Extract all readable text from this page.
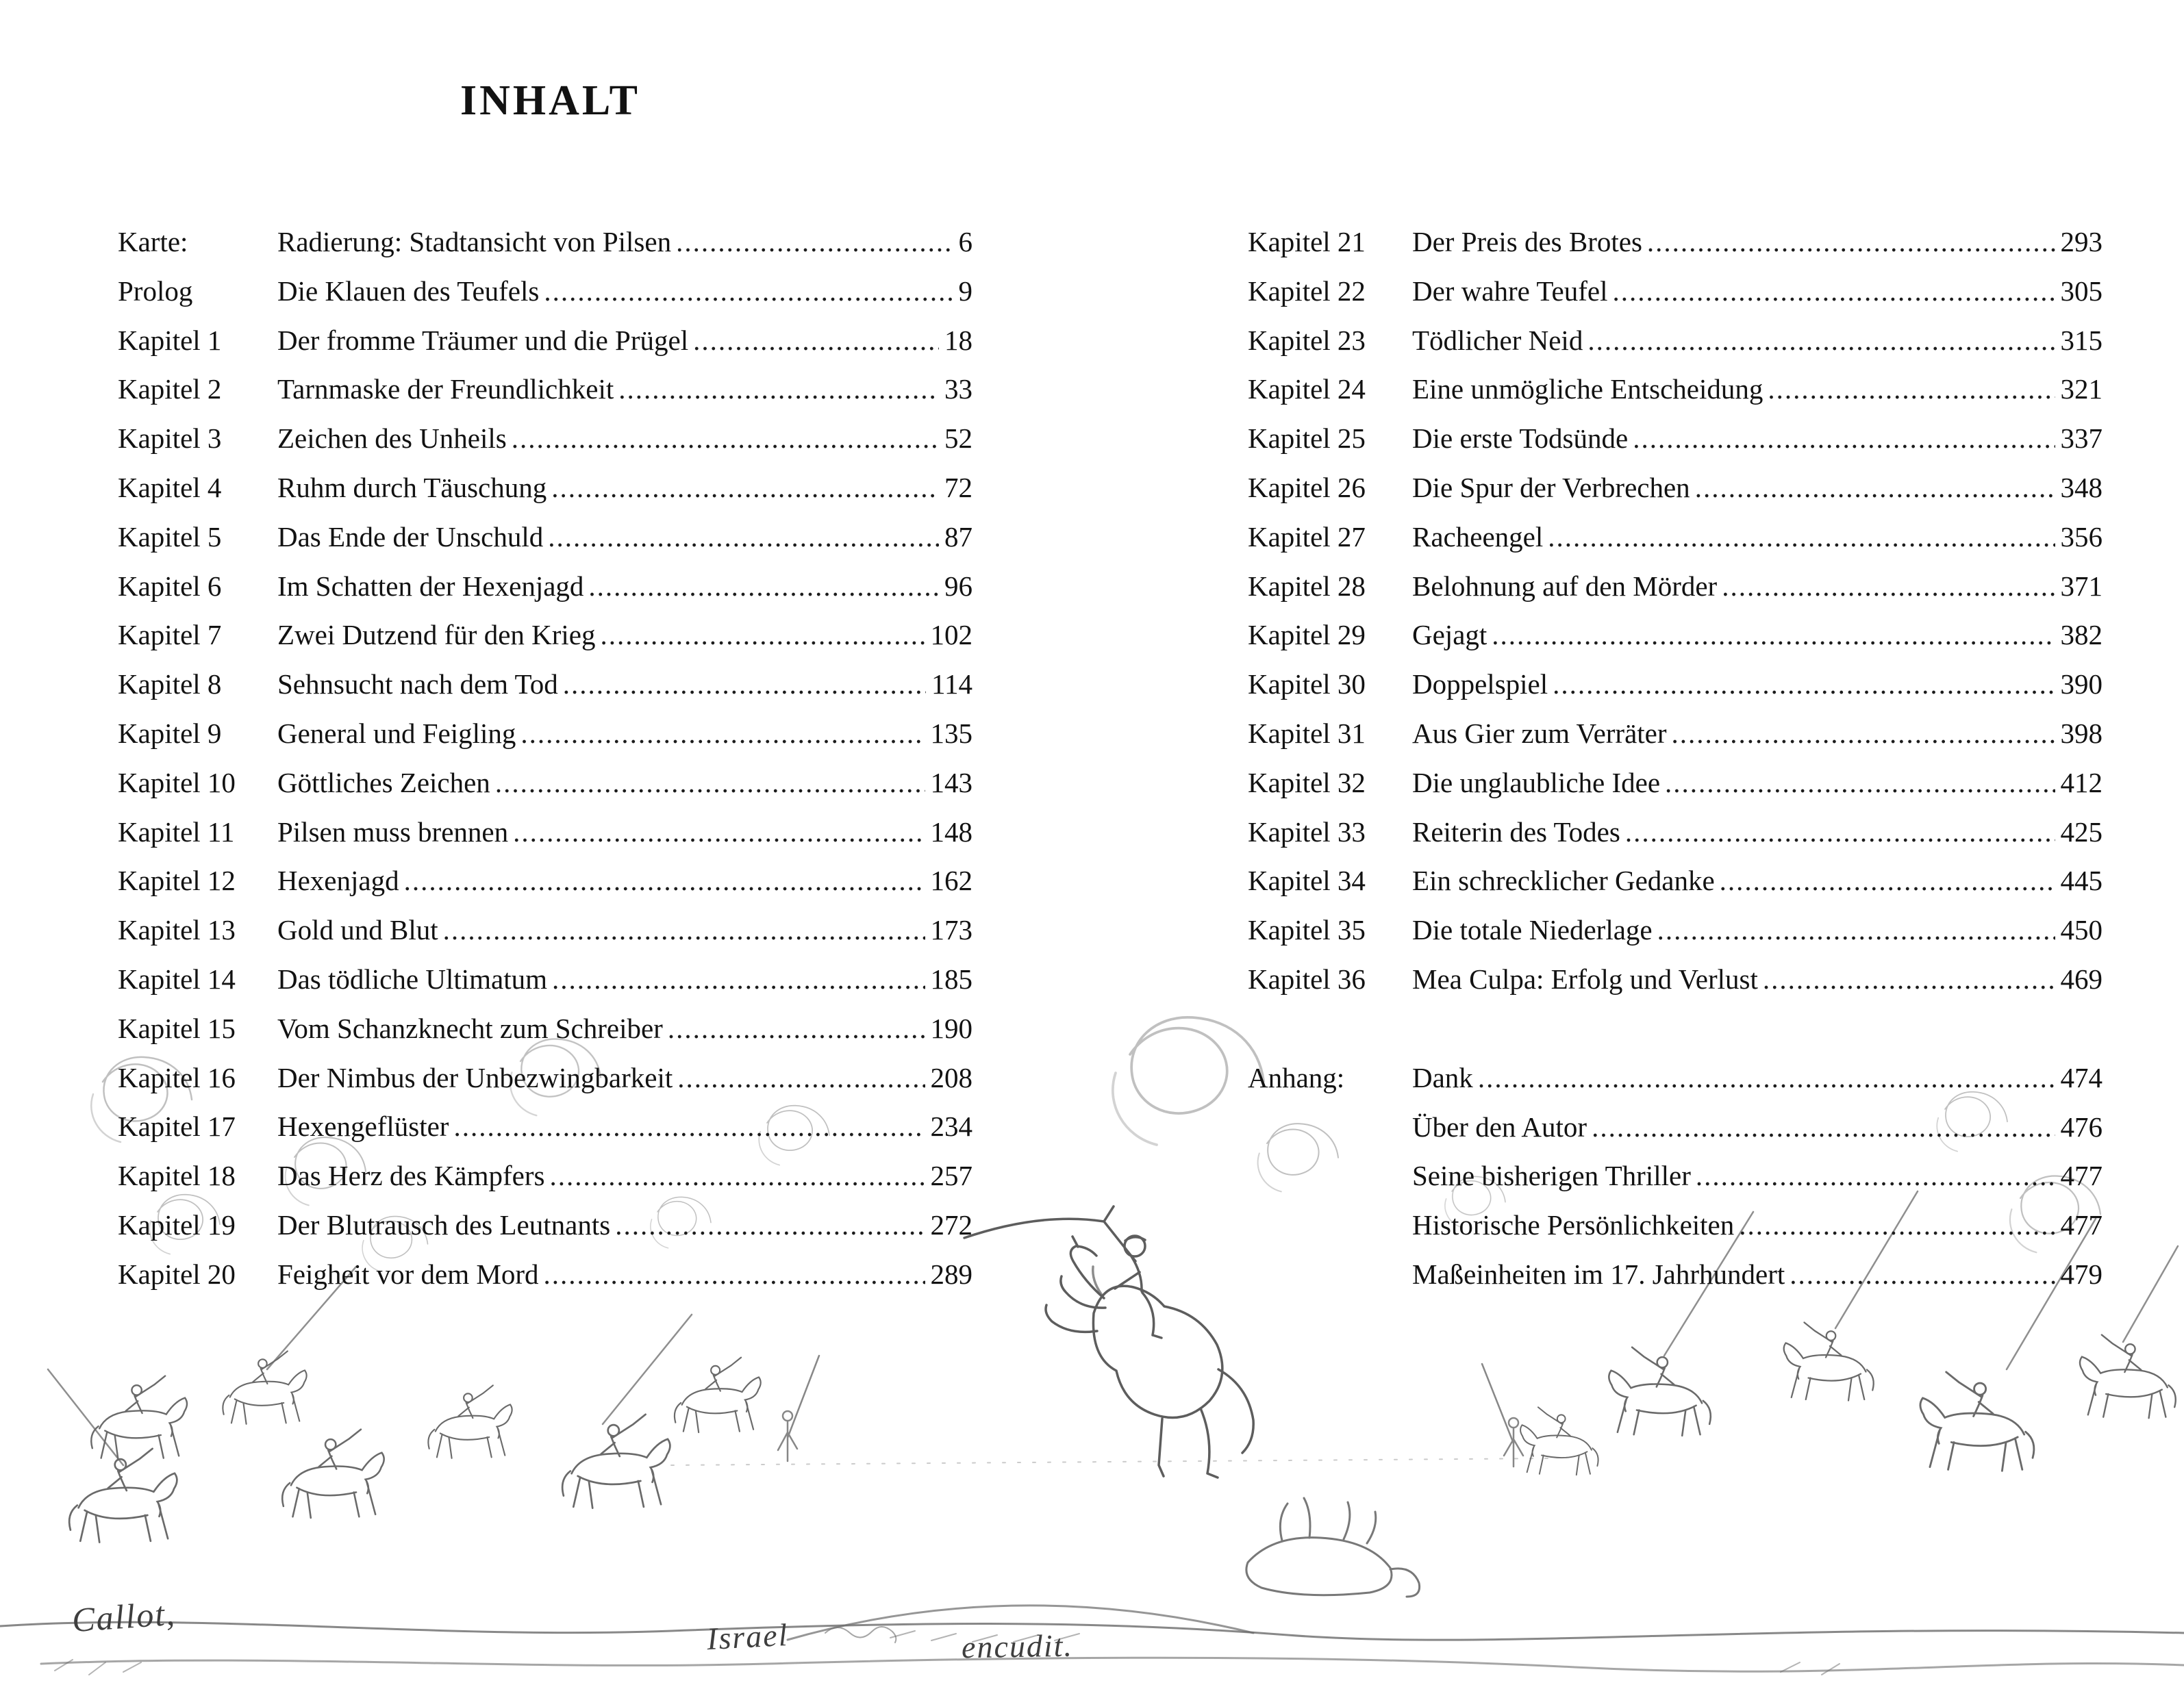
INHALT
Karte:	Radierung: Stadtansicht von Pilsen .....	6
Prolog	Die Klauen des Teufels .....	9
Kapitel 1	Der fromme Träumer und die Prügel .....	18
Kapitel 2	Tarnmaske der Freundlichkeit .....	33
Kapitel 3	Zeichen des Unheils .....	52
Kapitel 4	Ruhm durch Täuschung .....	72
Kapitel 5	Das Ende der Unschuld .....	87
Kapitel 6	Im Schatten der Hexenjagd .....	96
Kapitel 7	Zwei Dutzend für den Krieg .....	102
Kapitel 8	Sehnsucht nach dem Tod .....	114
Kapitel 9	General und Feigling .....	135
Kapitel 10	Göttliches Zeichen .....	143
Kapitel 11	Pilsen muss brennen .....	148
Kapitel 12	Hexenjagd .....	162
Kapitel 13	Gold und Blut .....	173
Kapitel 14	Das tödliche Ultimatum .....	185
Kapitel 15	Vom Schanzknecht zum Schreiber .....	190
Kapitel 16	Der Nimbus der Unbezwingbarkeit .....	208
Kapitel 17	Hexengeflüster .....	234
Kapitel 18	Das Herz des Kämpfers .....	257
Kapitel 19	Der Blutrausch des Leutnants .....	272
Kapitel 20	Feigheit vor dem Mord .....	289
Kapitel 21	Der Preis des Brotes .....	293
Kapitel 22	Der wahre Teufel .....	305
Kapitel 23	Tödlicher Neid .....	315
Kapitel 24	Eine unmögliche Entscheidung .....	321
Kapitel 25	Die erste Todsünde .....	337
Kapitel 26	Die Spur der Verbrechen .....	348
Kapitel 27	Racheengel .....	356
Kapitel 28	Belohnung auf den Mörder .....	371
Kapitel 29	Gejagt .....	382
Kapitel 30	Doppelspiel .....	390
Kapitel 31	Aus Gier zum Verräter .....	398
Kapitel 32	Die unglaubliche Idee .....	412
Kapitel 33	Reiterin des Todes .....	425
Kapitel 34	Ein schrecklicher Gedanke .....	445
Kapitel 35	Die totale Niederlage .....	450
Kapitel 36	Mea Culpa: Erfolg und Verlust .....	469
Anhang:	Dank .....	474
Über den Autor .....	476
Seine bisherigen Thriller .....	477
Historische Persönlichkeiten .....	477
Maßeinheiten im 17. Jahrhundert .....	479
Callot,	Israel	encudit.
